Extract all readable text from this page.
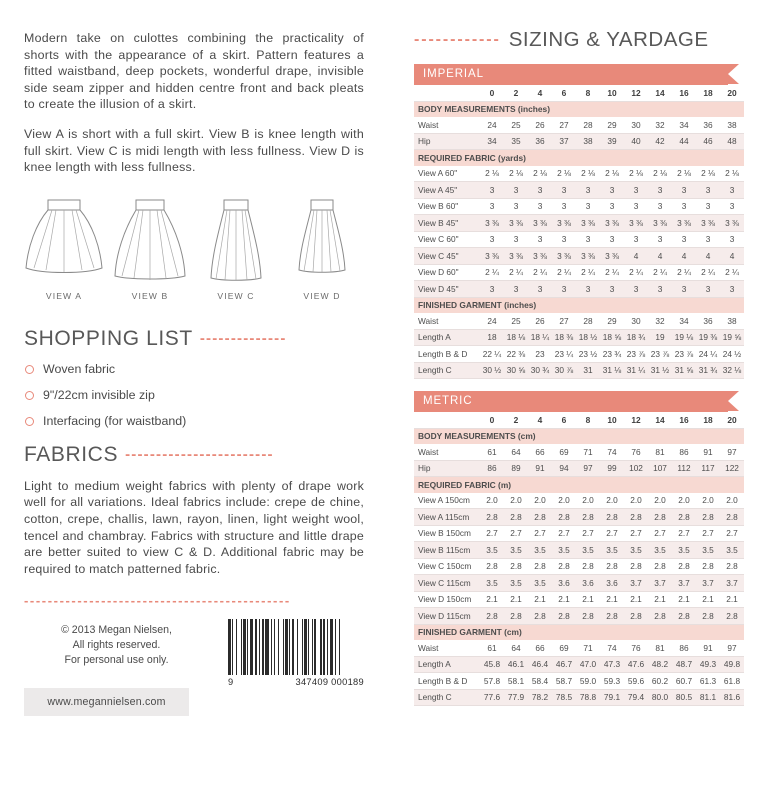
Modern take on culottes combining the practicality of shorts with the appearance of a skirt. Pattern features a fitted waistband, deep pockets, wonderful drape, invisible side seam zipper and hidden centre front and back pleats to create the illusion of a skirt.

View A is short with a full skirt. View B is knee length with full skirt. View C is midi length with less fullness. View D is knee length with less fullness.

VIEW A	VIEW B	VIEW C	VIEW D
SHOPPING LIST --------------
Woven fabric
9"/22cm invisible zip
Interfacing (for waistband)
FABRICS ------------------------
Light to medium weight fabrics with plenty of drape work well for all variations. Ideal fabrics include: crepe de chine, cotton, crepe, challis, lawn, rayon, linen, light weight wool, tencel and chambray. Fabrics with structure and little drape are better suited to view C & D. Additional fabric may be required to match patterned fabric.
---------------------------------------------
© 2013 Megan Nielsen,
All rights reserved.
For personal use only.
www.megannielsen.com
9	347409 000189
------------ SIZING & YARDAGE
IMPERIAL
	0	2	4	6	8	10	12	14	16	18	20
BODY MEASUREMENTS (inches)											
Waist	24	25	26	27	28	29	30	32	34	36	38
Hip	34	35	36	37	38	39	40	42	44	46	48
REQUIRED FABRIC (yards)											
View A 60"	2 ⅛	2 ⅛	2 ⅛	2 ⅛	2 ⅛	2 ⅛	2 ⅛	2 ⅛	2 ⅛	2 ⅛	2 ⅛
View A 45"	3	3	3	3	3	3	3	3	3	3	3
View B 60"	3	3	3	3	3	3	3	3	3	3	3
View B 45"	3 ⅜	3 ⅜	3 ⅜	3 ⅜	3 ⅜	3 ⅜	3 ⅜	3 ⅜	3 ⅜	3 ⅜	3 ⅜
View C 60"	3	3	3	3	3	3	3	3	3	3	3
View C 45"	3 ⅜	3 ⅜	3 ⅜	3 ⅜	3 ⅜	3 ⅜	4	4	4	4	4
View D 60"	2 ¼	2 ¼	2 ¼	2 ¼	2 ¼	2 ¼	2 ¼	2 ¼	2 ¼	2 ¼	2 ¼
View D 45"	3	3	3	3	3	3	3	3	3	3	3
FINISHED GARMENT (inches)											
Waist	24	25	26	27	28	29	30	32	34	36	38
Length A	18	18 ⅛	18 ¼	18 ⅜	18 ½	18 ⅝	18 ¾	19	19 ⅛	19 ⅜	19 ⅝
Length B & D	22 ¼	22 ⅜	23	23 ¼	23 ½	23 ¾	23 ⅞	23 ⅞	23 ⅞	24 ¼	24 ½
Length C	30 ½	30 ⅝	30 ¾	30 ⅞	31	31 ⅛	31 ¼	31 ½	31 ⅝	31 ¾	32 ⅛
METRIC
	0	2	4	6	8	10	12	14	16	18	20
BODY MEASUREMENTS (cm)											
Waist	61	64	66	69	71	74	76	81	86	91	97
Hip	86	89	91	94	97	99	102	107	112	117	122
REQUIRED FABRIC (m)											
View A 150cm	2.0	2.0	2.0	2.0	2.0	2.0	2.0	2.0	2.0	2.0	2.0
View A 115cm	2.8	2.8	2.8	2.8	2.8	2.8	2.8	2.8	2.8	2.8	2.8
View B 150cm	2.7	2.7	2.7	2.7	2.7	2.7	2.7	2.7	2.7	2.7	2.7
View B 115cm	3.5	3.5	3.5	3.5	3.5	3.5	3.5	3.5	3.5	3.5	3.5
View C 150cm	2.8	2.8	2.8	2.8	2.8	2.8	2.8	2.8	2.8	2.8	2.8
View C 115cm	3.5	3.5	3.5	3.6	3.6	3.6	3.7	3.7	3.7	3.7	3.7
View D 150cm	2.1	2.1	2.1	2.1	2.1	2.1	2.1	2.1	2.1	2.1	2.1
View D 115cm	2.8	2.8	2.8	2.8	2.8	2.8	2.8	2.8	2.8	2.8	2.8
FINISHED GARMENT (cm)											
Waist	61	64	66	69	71	74	76	81	86	91	97
Length A	45.8	46.1	46.4	46.7	47.0	47.3	47.6	48.2	48.7	49.3	49.8
Length B & D	57.8	58.1	58.4	58.7	59.0	59.3	59.6	60.2	60.7	61.3	61.8
Length C	77.6	77.9	78.2	78.5	78.8	79.1	79.4	80.0	80.5	81.1	81.6
